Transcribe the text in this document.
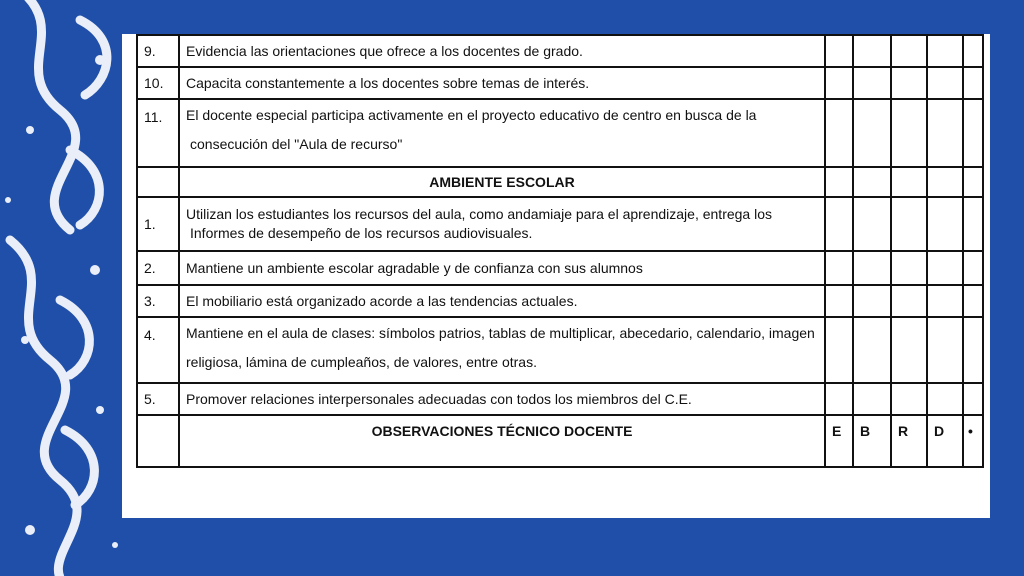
9.	Evidencia las orientaciones que ofrece a los docentes de grado.					
10.	Capacita constantemente a los docentes sobre temas de interés.					
11.	El docente especial participa activamente en el proyecto educativo de centro en busca de la
consecución del "Aula de recurso"					

	AMBIENTE ESCOLAR					
1.	Utilizan los estudiantes los recursos del aula, como andamiaje para el aprendizaje, entrega los
Informes de desempeño de los recursos audiovisuales.					

2.	Mantiene un ambiente escolar agradable y de confianza con sus alumnos					
3.	El mobiliario está organizado acorde a las tendencias actuales.					
4.	Mantiene en el aula de clases: símbolos patrios, tablas de multiplicar, abecedario, calendario, imagen
religiosa, lámina de cumpleaños, de valores, entre otras.					

5.	Promover relaciones interpersonales adecuadas con todos los miembros del C.E.					
	OBSERVACIONES TÉCNICO DOCENTE	E	B	R	D	•
